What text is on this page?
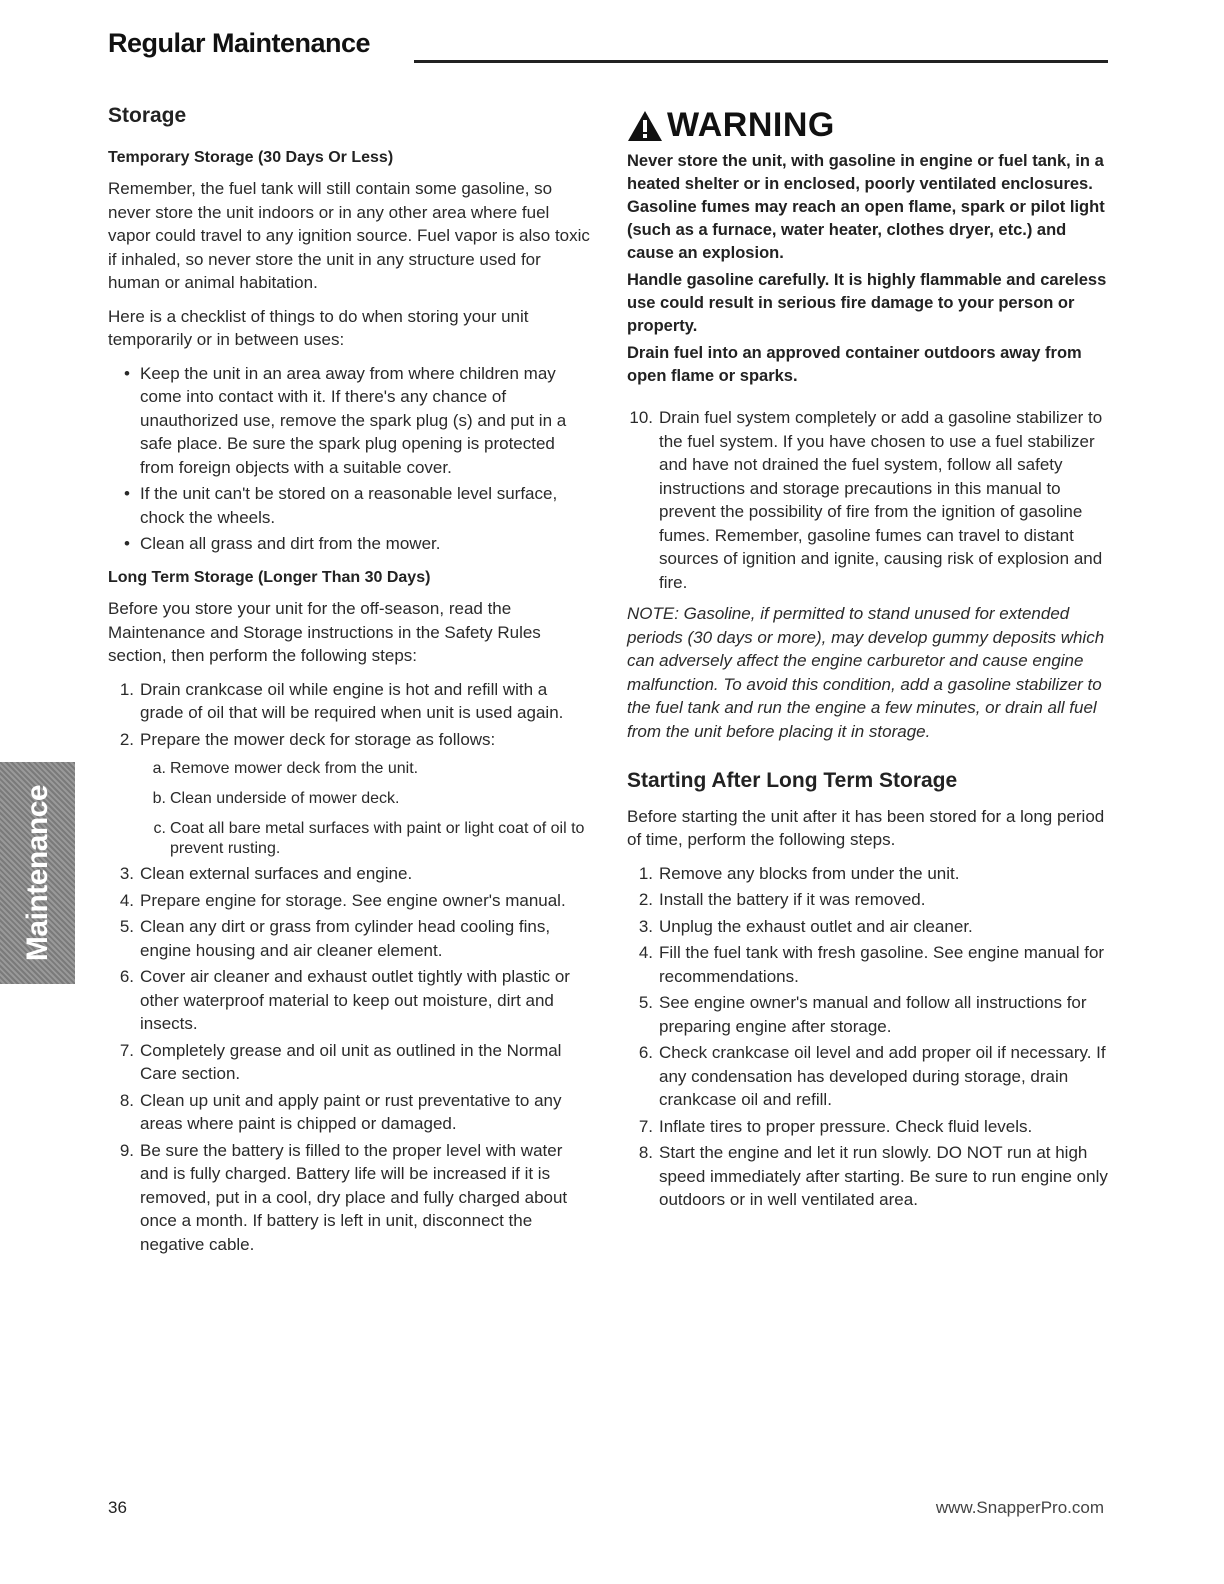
Regular Maintenance
Maintenance
Storage
Temporary Storage (30 Days Or Less)

Remember, the fuel tank will still contain some gasoline, so never store the unit indoors or in any other area where fuel vapor could travel to any ignition source. Fuel vapor is also toxic if inhaled, so never store the unit in any structure used for human or animal habitation.

Here is a checklist of things to do when storing your unit temporarily or in between uses:

• Keep the unit in an area away from where children may come into contact with it. If there's any chance of unauthorized use, remove the spark plug (s) and put in a safe place. Be sure the spark plug opening is protected from foreign objects with a suitable cover.
• If the unit can't be stored on a reasonable level surface, chock the wheels.
• Clean all grass and dirt from the mower.
Long Term Storage (Longer Than 30 Days)

Before you store your unit for the off-season, read the Maintenance and Storage instructions in the Safety Rules section, then perform the following steps:

1. Drain crankcase oil while engine is hot and refill with a grade of oil that will be required when unit is used again.
2. Prepare the mower deck for storage as follows:
a. Remove mower deck from the unit.
b. Clean underside of mower deck.
c. Coat all bare metal surfaces with paint or light coat of oil to prevent rusting.
3. Clean external surfaces and engine.
4. Prepare engine for storage. See engine owner's manual.
5. Clean any dirt or grass from cylinder head cooling fins, engine housing and air cleaner element.
6. Cover air cleaner and exhaust outlet tightly with plastic or other waterproof material to keep out moisture, dirt and insects.
7. Completely grease and oil unit as outlined in the Normal Care section.
8. Clean up unit and apply paint or rust preventative to any areas where paint is chipped or damaged.
9. Be sure the battery is filled to the proper level with water and is fully charged. Battery life will be increased if it is removed, put in a cool, dry place and fully charged about once a month. If battery is left in unit, disconnect the negative cable.
WARNING

Never store the unit, with gasoline in engine or fuel tank, in a heated shelter or in enclosed, poorly ventilated enclosures. Gasoline fumes may reach an open flame, spark or pilot light (such as a furnace, water heater, clothes dryer, etc.) and cause an explosion.

Handle gasoline carefully. It is highly flammable and careless use could result in serious fire damage to your person or property.

Drain fuel into an approved container outdoors away from open flame or sparks.

10. Drain fuel system completely or add a gasoline stabilizer to the fuel system. If you have chosen to use a fuel stabilizer and have not drained the fuel system, follow all safety instructions and storage precautions in this manual to prevent the possibility of fire from the ignition of gasoline fumes. Remember, gasoline fumes can travel to distant sources of ignition and ignite, causing risk of explosion and fire.

NOTE: Gasoline, if permitted to stand unused for extended periods (30 days or more), may develop gummy deposits which can adversely affect the engine carburetor and cause engine malfunction. To avoid this condition, add a gasoline stabilizer to the fuel tank and run the engine a few minutes, or drain all fuel from the unit before placing it in storage.

Starting After Long Term Storage

Before starting the unit after it has been stored for a long period of time, perform the following steps.

1. Remove any blocks from under the unit.
2. Install the battery if it was removed.
3. Unplug the exhaust outlet and air cleaner.
4. Fill the fuel tank with fresh gasoline. See engine manual for recommendations.
5. See engine owner's manual and follow all instructions for preparing engine after storage.
6. Check crankcase oil level and add proper oil if necessary. If any condensation has developed during storage, drain crankcase oil and refill.
7. Inflate tires to proper pressure. Check fluid levels.
8. Start the engine and let it run slowly. DO NOT run at high speed immediately after starting. Be sure to run engine only outdoors or in well ventilated area.
36	www.SnapperPro.com
